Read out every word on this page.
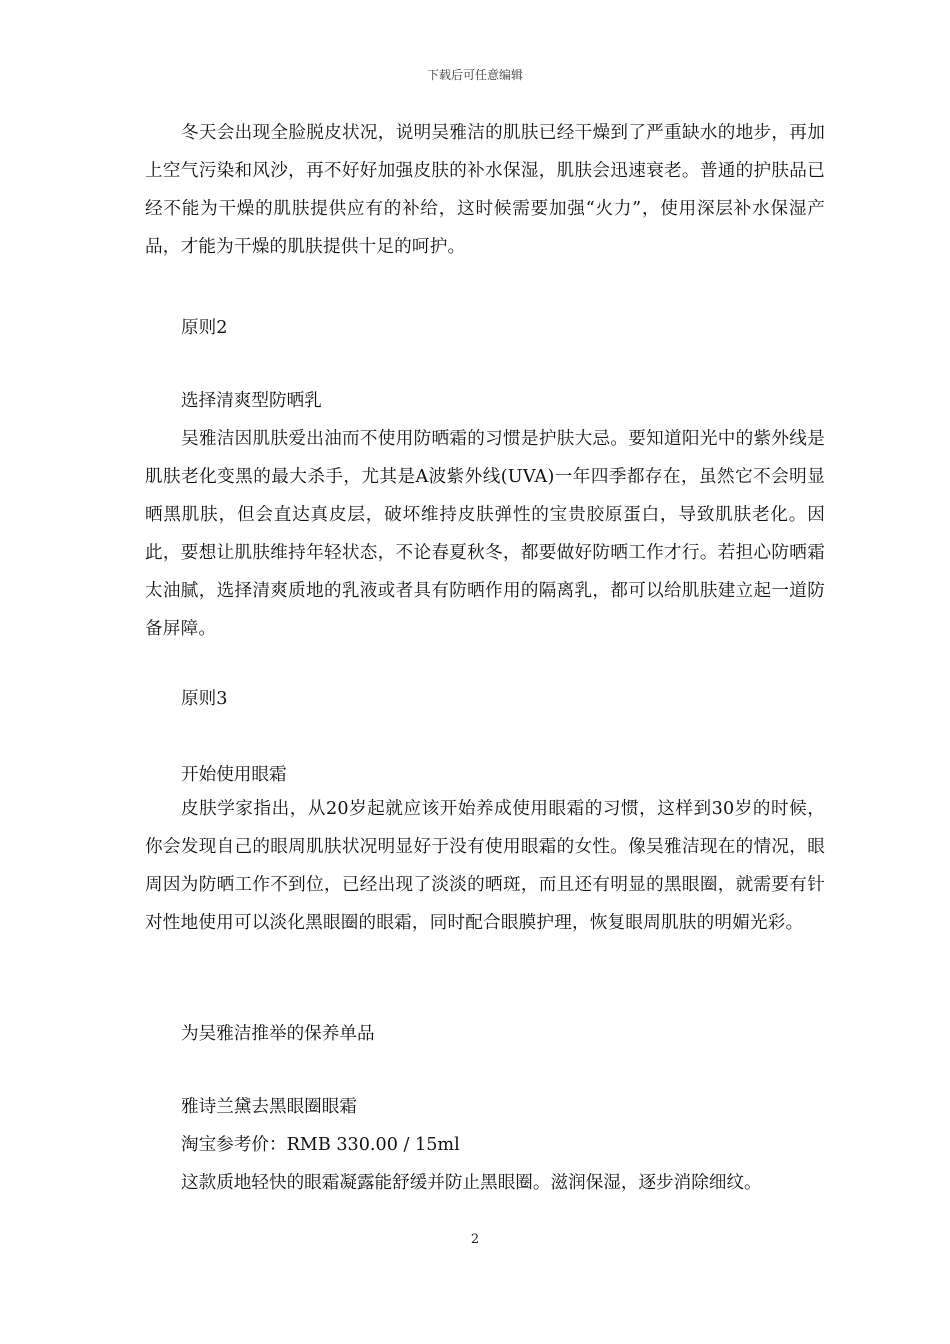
下载后可任意编辑

冬天会出现全脸脱皮状况，说明吴雅洁的肌肤已经干燥到了严重缺水的地步，再加上空气污染和风沙，再不好好加强皮肤的补水保湿，肌肤会迅速衰老。普通的护肤品已经不能为干燥的肌肤提供应有的补给，这时候需要加强“火力”，使用深层补水保湿产品，才能为干燥的肌肤提供十足的呵护。

原则2
选择清爽型防晒乳

吴雅洁因肌肤爱出油而不使用防晒霜的习惯是护肤大忌。要知道阳光中的紫外线是肌肤老化变黑的最大杀手，尤其是A波紫外线(UVA)一年四季都存在，虽然它不会明显晒黑肌肤，但会直达真皮层，破坏维持皮肤弹性的宝贵胶原蛋白，导致肌肤老化。因此，要想让肌肤维持年轻状态，不论春夏秋冬，都要做好防晒工作才行。若担心防晒霜太油腻，选择清爽质地的乳液或者具有防晒作用的隔离乳，都可以给肌肤建立起一道防备屏障。

原则3
开始使用眼霜

皮肤学家指出，从20岁起就应该开始养成使用眼霜的习惯，这样到30岁的时候，你会发现自己的眼周肌肤状况明显好于没有使用眼霜的女性。像吴雅洁现在的情况，眼周因为防晒工作不到位，已经出现了淡淡的晒斑，而且还有明显的黑眼圈，就需要有针对性地使用可以淡化黑眼圈的眼霜，同时配合眼膜护理，恢复眼周肌肤的明媚光彩。

为吴雅洁推举的保养单品
雅诗兰黛去黑眼圈眼霜
淘宝参考价：RMB 330.00 / 15ml
这款质地轻快的眼霜凝露能舒缓并防止黑眼圈。滋润保湿，逐步消除细纹。
2
